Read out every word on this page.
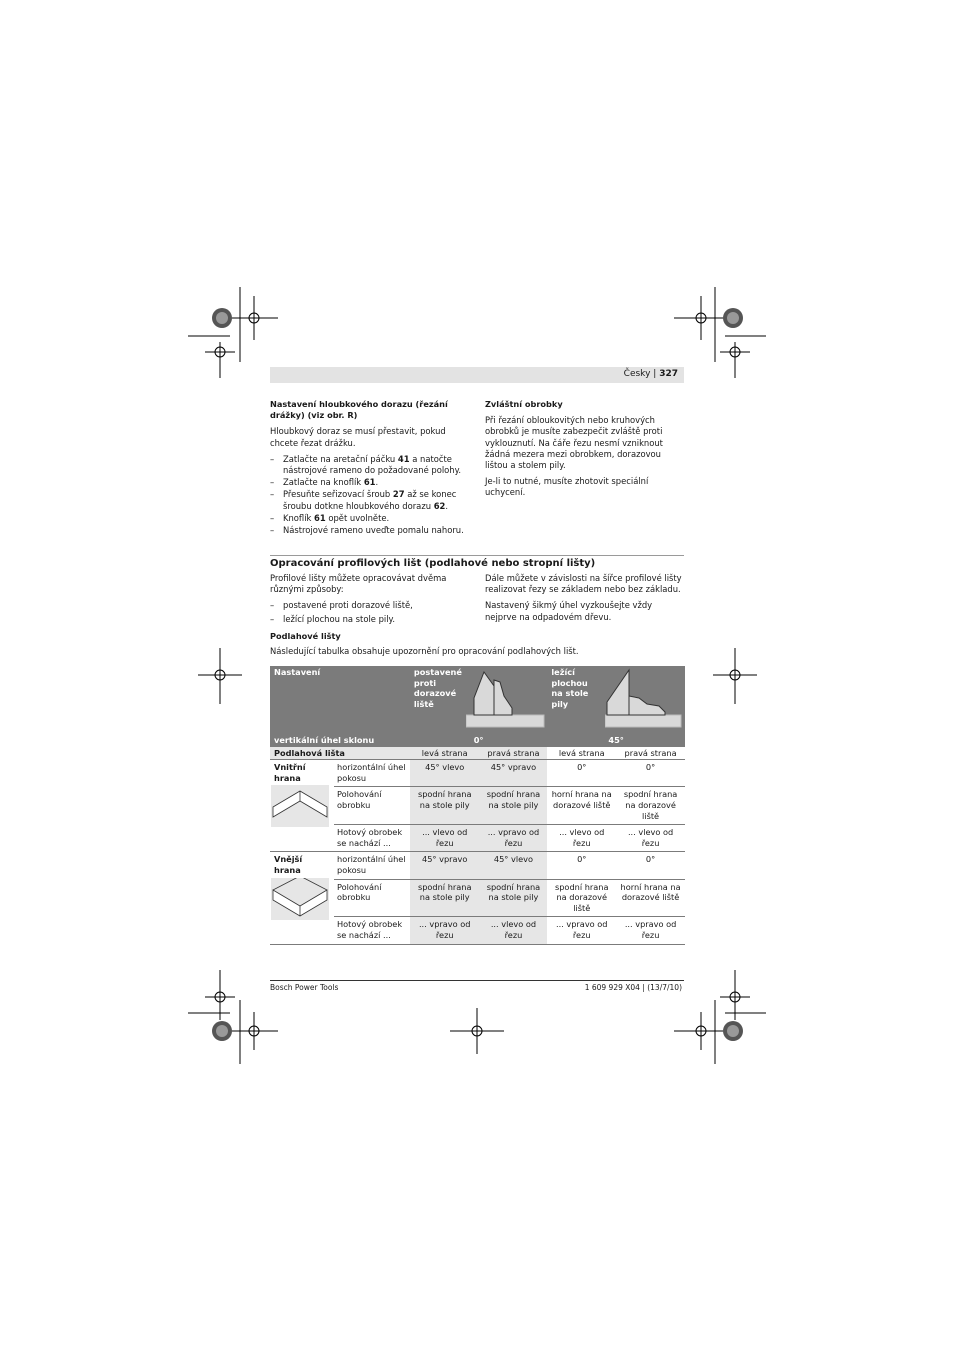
Česky | 327
Nastavení hloubkového dorazu (řezání drážky) (viz obr. R)
Hloubkový doraz se musí přestavit, pokud chcete řezat drážku.
– Zatlačte na aretační páčku 41 a natočte nástrojové rameno do požadované polohy.
– Zatlačte na knoflík 61.
– Přesuňte seřizovací šroub 27 až se konec šroubu dotkne hloubkového dorazu 62.
– Knoflík 61 opět uvolněte.
– Nástrojové rameno uveďte pomalu nahoru.
Zvláštní obrobky
Při řezání obloukovitých nebo kruhových obrobků je musíte zabezpečit zvláště proti vyklouznutí. Na čáře řezu nesmí vzniknout žádná mezera mezi obrobkem, dorazovou lištou a stolem pily.
Je-li to nutné, musíte zhotovit speciální uchycení.
Opracování profilových lišt (podlahové nebo stropní lišty)
Profilové lišty můžete opracovávat dvěma různými způsoby:
– postavené proti dorazové liště,
– ležící plochou na stole pily.
Dále můžete v závislosti na šířce profilové lišty realizovat řezy se základem nebo bez základu.
Nastavený šikmý úhel vyzkoušejte vždy nejprve na odpadovém dřevu.
Podlahové lišty
Následující tabulka obsahuje upozornění pro opracování podlahových lišt.
Nastavení		postavené proti dorazové liště		ležící plochou na stole pily	

vertikální úhel sklonu		0°		45°	
Podlahová lišta		levá strana	pravá strana	levá strana	pravá strana

Vnitřní hrana	horizontální úhel pokosu	45° vlevo	45° vpravo	0°	0°
	Polohování obrobku	spodní hrana na stole pily	spodní hrana na stole pily	horní hrana na dorazové liště	spodní hrana na dorazové liště
	Hotový obrobek se nachází ...	... vlevo od řezu	... vpravo od řezu	... vlevo od řezu	... vlevo od řezu

Vnější hrana	horizontální úhel pokosu	45° vpravo	45° vlevo	0°	0°
	Polohování obrobku	spodní hrana na stole pily	spodní hrana na stole pily	spodní hrana na dorazové liště	horní hrana na dorazové liště
	Hotový obrobek se nachází ...	... vpravo od řezu	... vlevo od řezu	... vpravo od řezu	... vpravo od řezu
Bosch Power Tools	1 609 929 X04 | (13/7/10)
